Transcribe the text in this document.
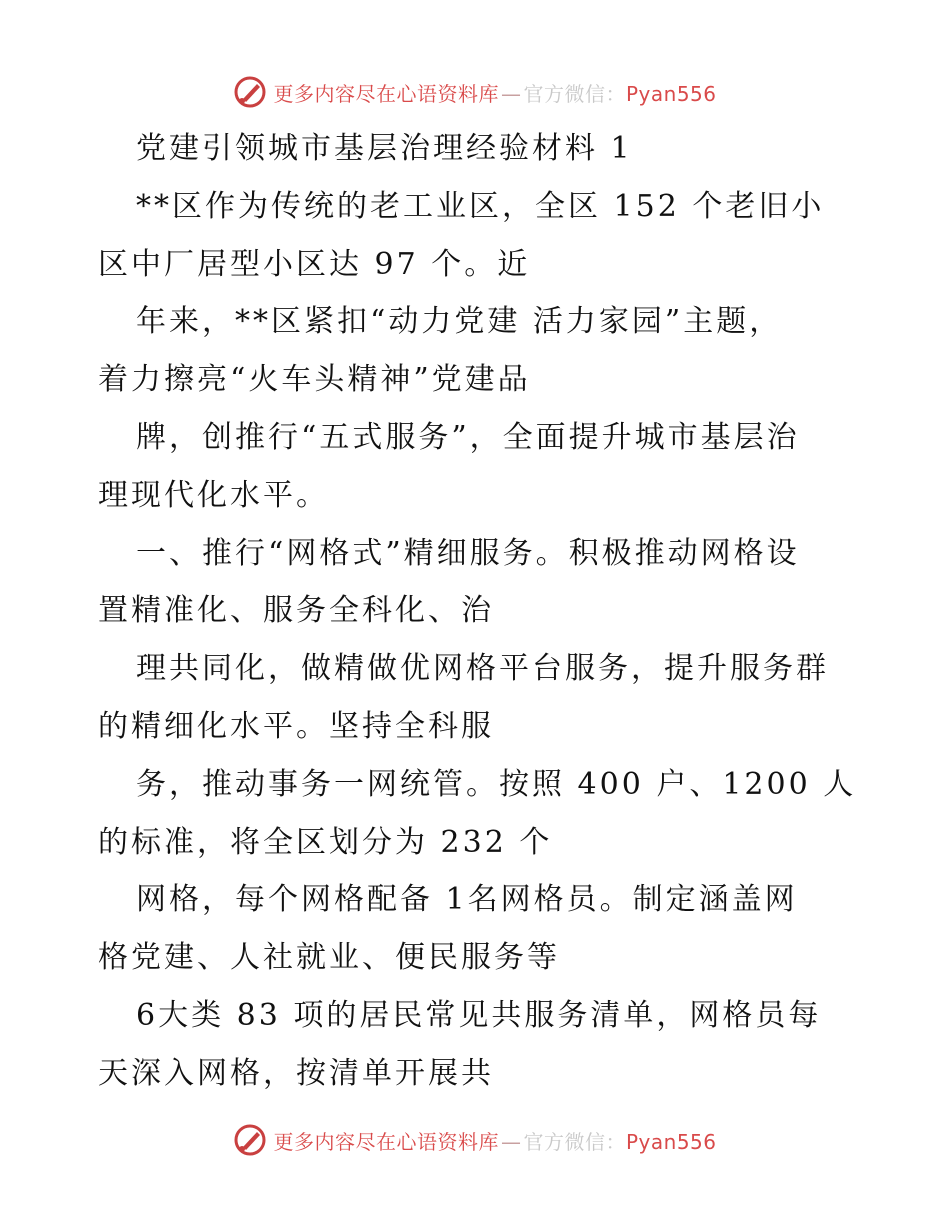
更多内容尽在心语资料库 — 官方微信：Pyan556
党建引领城市基层治理经验材料 1
**区作为传统的老工业区，全区 152 个老旧小
区中厂居型小区达 97 个。近
年来，**区紧扣“动力党建 活力家园”主题，
着力擦亮“火车头精神”党建品
牌，创推行“五式服务”，全面提升城市基层治
理现代化水平。
一、推行“网格式”精细服务。积极推动网格设
置精准化、服务全科化、治
理共同化，做精做优网格平台服务，提升服务群
的精细化水平。坚持全科服
务，推动事务一网统管。按照 400 户、1200 人
的标准，将全区划分为 232 个
网格，每个网格配备 1名网格员。制定涵盖网
格党建、人社就业、便民服务等
6大类 83 项的居民常见共服务清单，网格员每
天深入网格，按清单开展共
更多内容尽在心语资料库 — 官方微信：Pyan556
